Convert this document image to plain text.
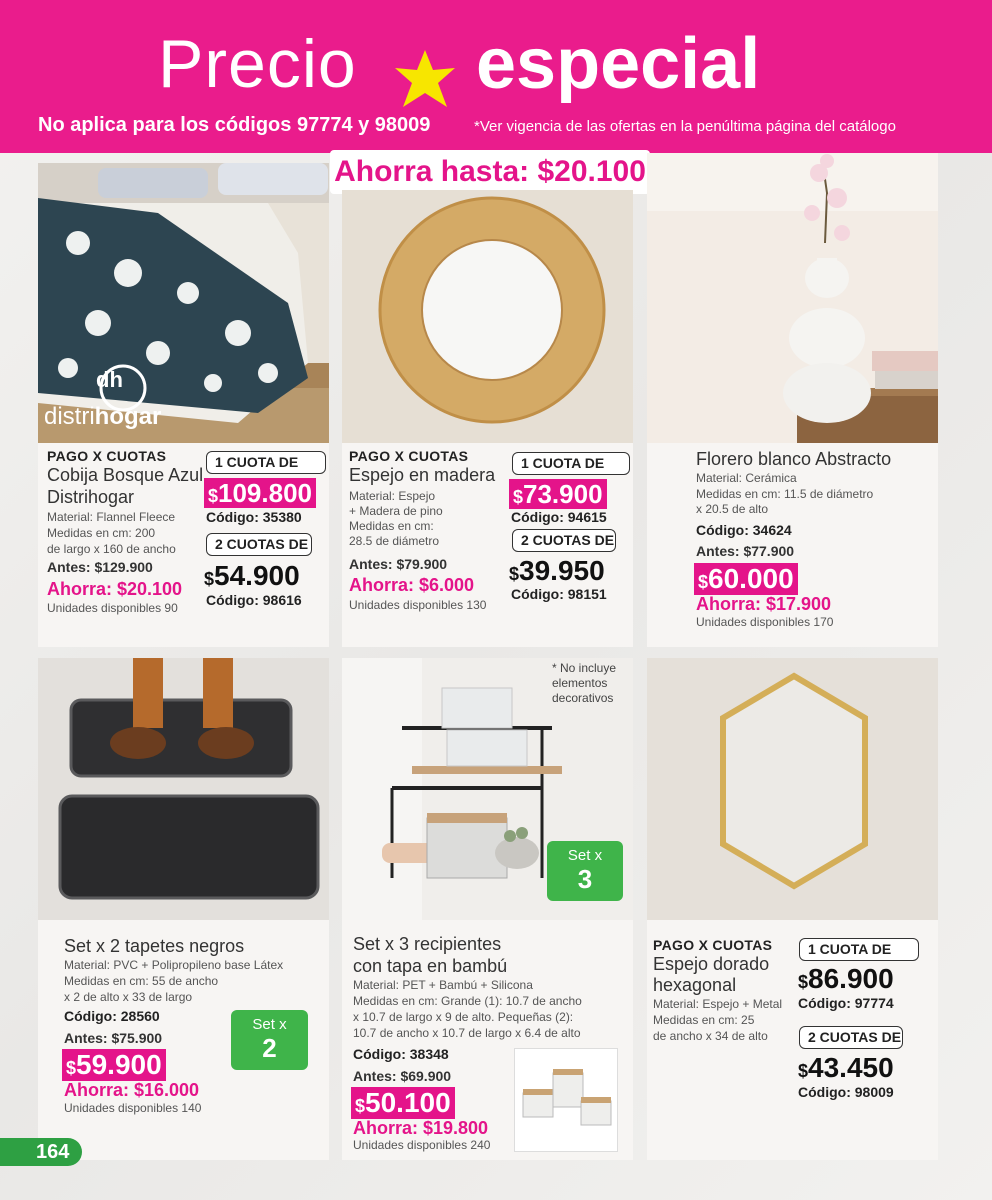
Precio especial
No aplica para los códigos 97774 y 98009	*Ver vigencia de las ofertas en la penúltima página del catálogo
Ahorra hasta: $20.100
dh
distrihogar
PAGO X CUOTAS
Cobija Bosque Azul
Distrihogar
Material: Flannel Fleece
Medidas en cm: 200
de largo x 160 de ancho
Antes: $129.900
Ahorra: $20.100
Unidades disponibles 90
1 CUOTA DE
$109.800
Código: 35380
2 CUOTAS DE
$54.900
Código: 98616
PAGO X CUOTAS
Espejo en madera
Material: Espejo
+ Madera de pino
Medidas en cm:
28.5 de diámetro
Antes: $79.900
Ahorra: $6.000
Unidades disponibles 130
1 CUOTA DE
$73.900
Código: 94615
2 CUOTAS DE
$39.950
Código: 98151
Florero blanco Abstracto
Material: Cerámica
Medidas en cm: 11.5 de diámetro
x 20.5 de alto
Código: 34624
Antes: $77.900
$60.000
Ahorra: $17.900
Unidades disponibles 170
Set x 2 tapetes negros
Material: PVC + Polipropileno base Látex
Medidas en cm: 55 de ancho
x 2 de alto x 33 de largo
Código: 28560
Antes: $75.900
$59.900
Ahorra: $16.000
Unidades disponibles 140
Set x
2
Set x 3 recipientes
con tapa en bambú
Material: PET + Bambú + Silicona
Medidas en cm: Grande (1): 10.7 de ancho
x 10.7 de largo x 9 de alto. Pequeñas (2):
10.7 de ancho x 10.7 de largo x 6.4 de alto
Código: 38348
Antes: $69.900
$50.100
Ahorra: $19.800
Unidades disponibles 240
Set x
3
* No incluye
elementos
decorativos
PAGO X CUOTAS
Espejo dorado
hexagonal
Material: Espejo + Metal
Medidas en cm: 25
de ancho x 34 de alto
1 CUOTA DE
$86.900
Código: 97774
2 CUOTAS DE
$43.450
Código: 98009
164
